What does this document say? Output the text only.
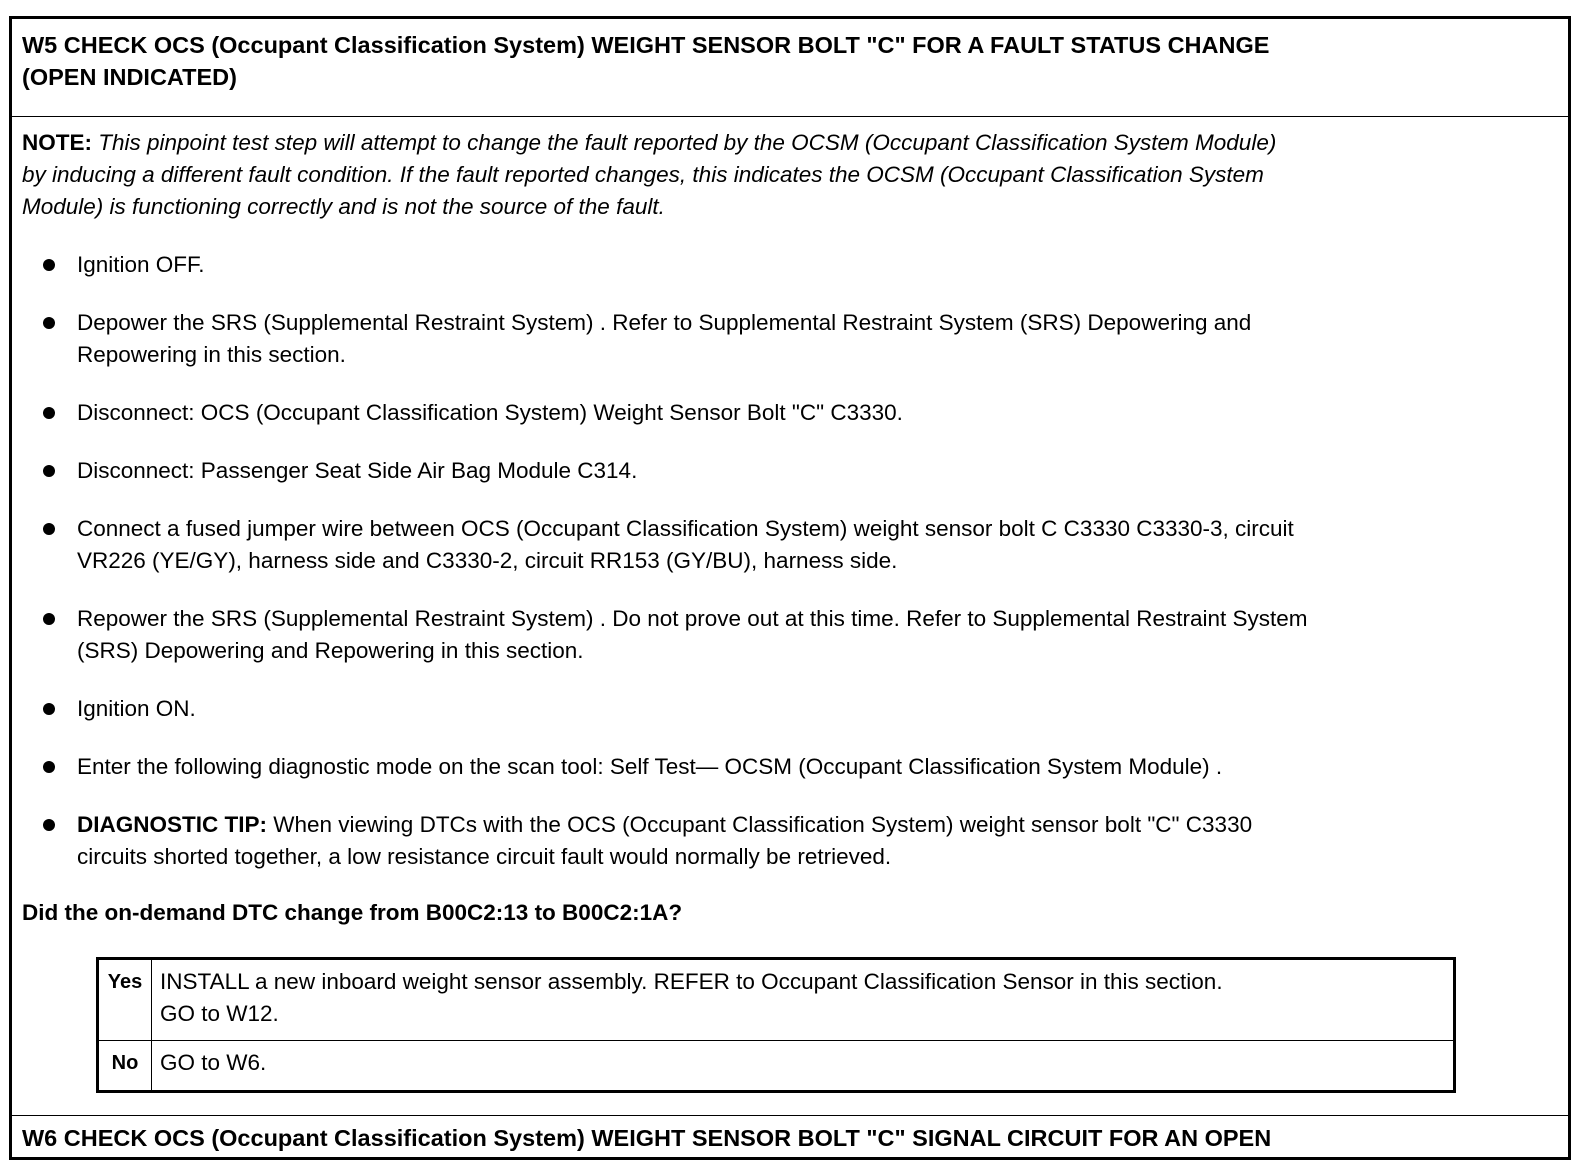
W5 CHECK OCS (Occupant Classification System) WEIGHT SENSOR BOLT "C" FOR A FAULT STATUS CHANGE
(OPEN INDICATED)
NOTE: This pinpoint test step will attempt to change the fault reported by the OCSM (Occupant Classification System Module)
by inducing a different fault condition. If the fault reported changes, this indicates the OCSM (Occupant Classification System
Module) is functioning correctly and is not the source of the fault.
Ignition OFF.
Depower the SRS (Supplemental Restraint System) . Refer to Supplemental Restraint System (SRS) Depowering and
Repowering in this section.
Disconnect: OCS (Occupant Classification System) Weight Sensor Bolt "C" C3330.
Disconnect: Passenger Seat Side Air Bag Module C314.
Connect a fused jumper wire between OCS (Occupant Classification System) weight sensor bolt C C3330 C3330-3, circuit
VR226 (YE/GY), harness side and C3330-2, circuit RR153 (GY/BU), harness side.
Repower the SRS (Supplemental Restraint System) . Do not prove out at this time. Refer to Supplemental Restraint System
(SRS) Depowering and Repowering in this section.
Ignition ON.
Enter the following diagnostic mode on the scan tool: Self Test— OCSM (Occupant Classification System Module) .
DIAGNOSTIC TIP: When viewing DTCs with the OCS (Occupant Classification System) weight sensor bolt "C" C3330
circuits shorted together, a low resistance circuit fault would normally be retrieved.
Did the on-demand DTC change from B00C2:13 to B00C2:1A?
Yes	INSTALL a new inboard weight sensor assembly. REFER to Occupant Classification Sensor in this section.
GO to W12.

No	GO to W6.
W6 CHECK OCS (Occupant Classification System) WEIGHT SENSOR BOLT "C" SIGNAL CIRCUIT FOR AN OPEN
